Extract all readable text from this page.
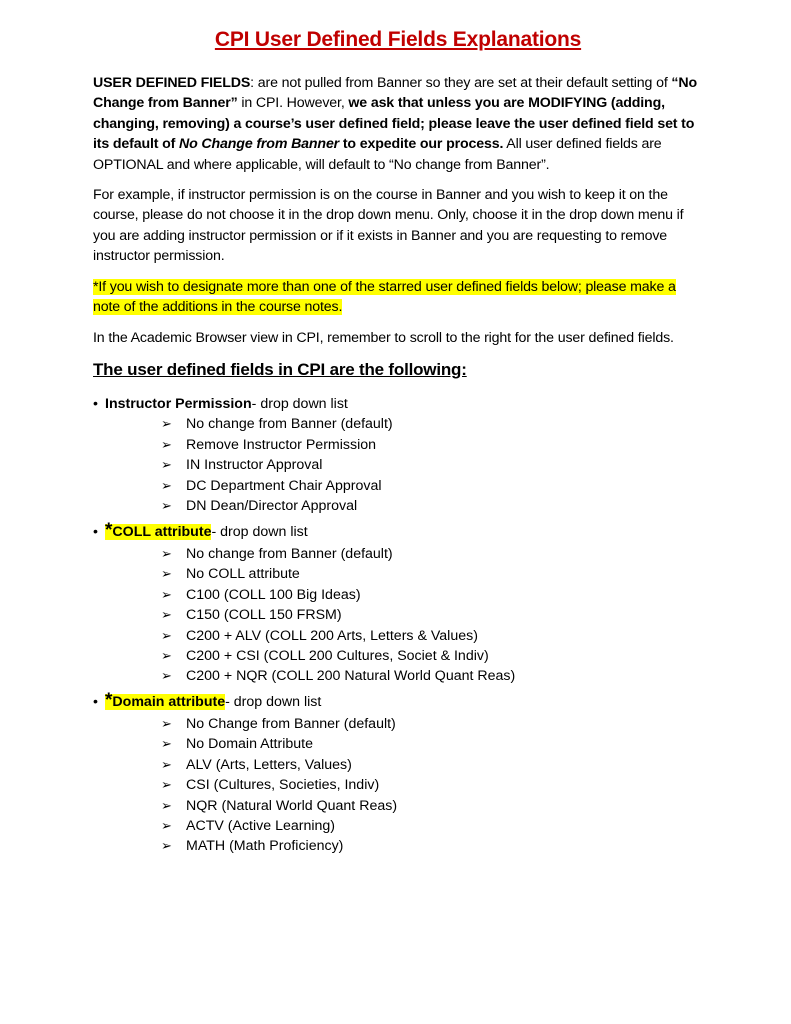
CPI User Defined Fields Explanations
USER DEFINED FIELDS: are not pulled from Banner so they are set at their default setting of “No Change from Banner” in CPI. However, we ask that unless you are MODIFYING (adding, changing, removing) a course’s user defined field; please leave the user defined field set to its default of No Change from Banner to expedite our process. All user defined fields are OPTIONAL and where applicable, will default to “No change from Banner”.
For example, if instructor permission is on the course in Banner and you wish to keep it on the course, please do not choose it in the drop down menu. Only, choose it in the drop down menu if you are adding instructor permission or if it exists in Banner and you are requesting to remove instructor permission.
*If you wish to designate more than one of the starred user defined fields below; please make a note of the additions in the course notes.
In the Academic Browser view in CPI, remember to scroll to the right for the user defined fields.
The user defined fields in CPI are the following:
• Instructor Permission- drop down list
➢ No change from Banner (default)
➢ Remove Instructor Permission
➢ IN Instructor Approval
➢ DC Department Chair Approval
➢ DN Dean/Director Approval
• *COLL attribute- drop down list
➢ No change from Banner (default)
➢ No COLL attribute
➢ C100 (COLL 100 Big Ideas)
➢ C150 (COLL 150 FRSM)
➢ C200 + ALV (COLL 200 Arts, Letters & Values)
➢ C200 + CSI (COLL 200 Cultures, Societ & Indiv)
➢ C200 + NQR (COLL 200 Natural World Quant Reas)
• *Domain attribute- drop down list
➢ No Change from Banner (default)
➢ No Domain Attribute
➢ ALV (Arts, Letters, Values)
➢ CSI (Cultures, Societies, Indiv)
➢ NQR (Natural World Quant Reas)
➢ ACTV (Active Learning)
➢ MATH (Math Proficiency)
